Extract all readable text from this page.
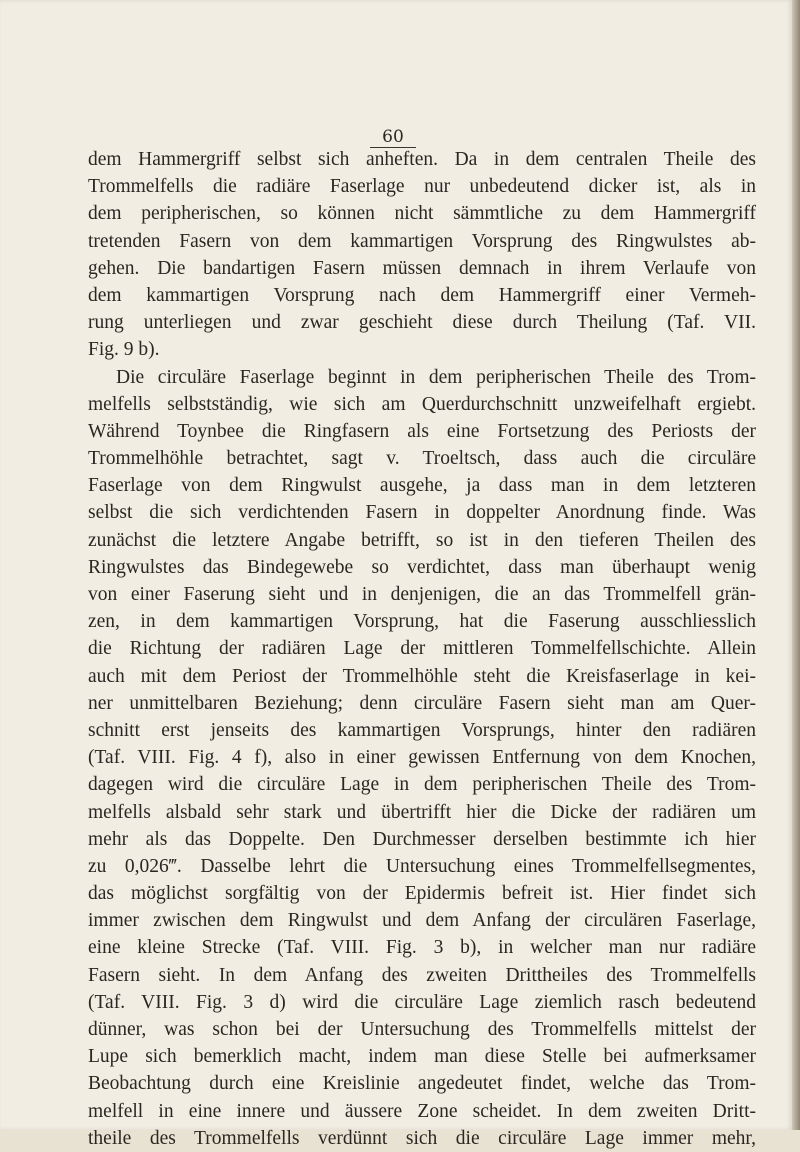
60
dem Hammergriff selbst sich anheften. Da in dem centralen Theile des
Trommelfells die radiäre Faserlage nur unbedeutend dicker ist, als in
dem peripherischen, so können nicht sämmtliche zu dem Hammergriff
tretenden Fasern von dem kammartigen Vorsprung des Ringwulstes ab-
gehen. Die bandartigen Fasern müssen demnach in ihrem Verlaufe von
dem kammartigen Vorsprung nach dem Hammergriff einer Vermeh-
rung unterliegen und zwar geschieht diese durch Theilung (Taf. VII.
Fig. 9 b).
Die circuläre Faserlage beginnt in dem peripherischen Theile des Trom-
melfells selbstständig, wie sich am Querdurchschnitt unzweifelhaft ergiebt.
Während Toynbee die Ringfasern als eine Fortsetzung des Periosts der
Trommelhöhle betrachtet, sagt v. Troeltsch, dass auch die circuläre
Faserlage von dem Ringwulst ausgehe, ja dass man in dem letzteren
selbst die sich verdichtenden Fasern in doppelter Anordnung finde. Was
zunächst die letztere Angabe betrifft, so ist in den tieferen Theilen des
Ringwulstes das Bindegewebe so verdichtet, dass man überhaupt wenig
von einer Faserung sieht und in denjenigen, die an das Trommelfell grän-
zen, in dem kammartigen Vorsprung, hat die Faserung ausschliesslich
die Richtung der radiären Lage der mittleren Tommelfellschichte. Allein
auch mit dem Periost der Trommelhöhle steht die Kreisfaserlage in kei-
ner unmittelbaren Beziehung; denn circuläre Fasern sieht man am Quer-
schnitt erst jenseits des kammartigen Vorsprungs, hinter den radiären
(Taf. VIII. Fig. 4 f), also in einer gewissen Entfernung von dem Knochen,
dagegen wird die circuläre Lage in dem peripherischen Theile des Trom-
melfells alsbald sehr stark und übertrifft hier die Dicke der radiären um
mehr als das Doppelte. Den Durchmesser derselben bestimmte ich hier
zu 0,026‴. Dasselbe lehrt die Untersuchung eines Trommelfellsegmentes,
das möglichst sorgfältig von der Epidermis befreit ist. Hier findet sich
immer zwischen dem Ringwulst und dem Anfang der circulären Faserlage,
eine kleine Strecke (Taf. VIII. Fig. 3 b), in welcher man nur radiäre
Fasern sieht. In dem Anfang des zweiten Drittheiles des Trommelfells
(Taf. VIII. Fig. 3 d) wird die circuläre Lage ziemlich rasch bedeutend
dünner, was schon bei der Untersuchung des Trommelfells mittelst der
Lupe sich bemerklich macht, indem man diese Stelle bei aufmerksamer
Beobachtung durch eine Kreislinie angedeutet findet, welche das Trom-
melfell in eine innere und äussere Zone scheidet. In dem zweiten Dritt-
theile des Trommelfells verdünnt sich die circuläre Lage immer mehr,
